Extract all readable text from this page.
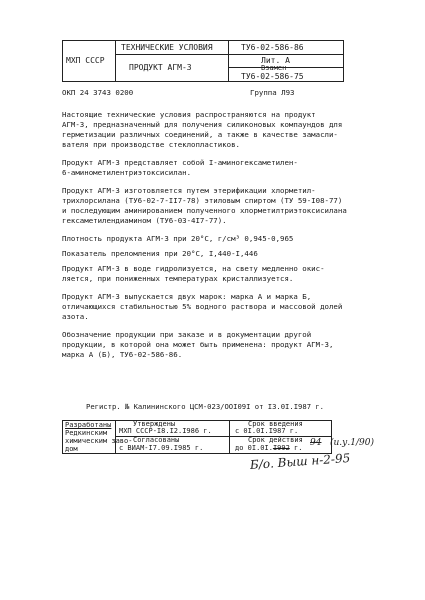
МХП СССР
ТЕХНИЧЕСКИЕ УСЛОВИЯ	ТУ6-02-586-86
ПРОДУКТ АГМ-3
Лит. А
Взамен
ТУ6-02-586-75
ОКП 24 3743 0200	Группа Л93
Настоящие технические условия распространяются на продукт
АГМ-3, предназначенный для получения силиконовых компаундов для
герметизации различных соединений, а также в качестве замасли-
вателя при производстве стеклопластиков.
Продукт АГМ-3 представляет собой I-аминогексаметилен-
6-аминометилентриэтоксисилан.
Продукт АГМ-3 изготовляется путем этерификации хлорметил-
трихлорсилана (ТУ6-02-7-II7-78) этиловым спиртом (ТУ 59-I08-77)
и последующим аминированием полученного хлорметилтриэтоксисилана
гексаметилендиамином (ТУ6-03-4I7-77).
Плотность продукта АГМ-3 при 20°С, г/см³ 0,945-0,965
Показатель преломления при 20°С, I,440-I,446
Продукт АГМ-3 в воде гидролизуется, на свету медленно окис-
ляется, при пониженных температурах кристаллизуется.
Продукт АГМ-3 выпускается двух марок: марка А и марка Б,
отличающихся стабильностью 5% водного раствора и массовой долей
азота.
Обозначение продукции при заказе и в документации другой
продукции, в которой она может быть применена: продукт АГМ-3,
марка А (Б), ТУ6-02-586-86.
Регистр. № Калининского ЦСМ-023/ООI09I от I3.0I.I987 г.
Разработаны
Редкинским
химическим заво-
дом
Утверждены
МХП СССР-I8.I2.I986 г.
Согласованы
с ВИАМ-I7.09.I985 г.
Срок введения
с 0I.0I.I987 г.
Срок действия
до 0I.0I.I992 г. 94 (и.у.1/90)
Б/о. Выш н-2-95
